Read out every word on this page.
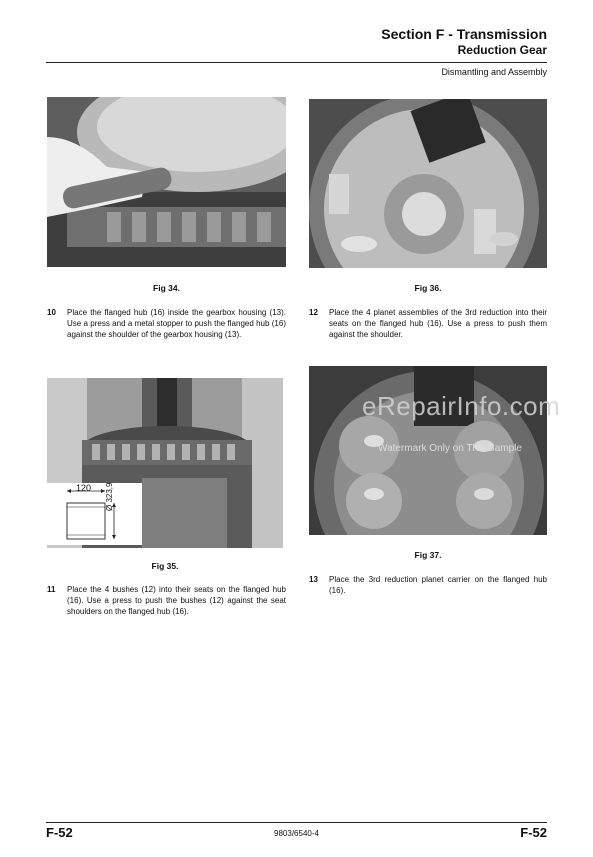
Section F - Transmission
Reduction Gear
Dismantling and Assembly
Fig 34.
10 Place the flanged hub (16) inside the gearbox housing (13). Use a press and a metal stopper to push the flanged hub (16) against the shoulder of the gearbox housing (13).
120 Ø 323,9
Fig 35.
11 Place the 4 bushes (12) into their seats on the flanged hub (16). Use a press to push the bushes (12) against the seat shoulders on the flanged hub (16).
Fig 36.
12 Place the 4 planet assemblies of the 3rd reduction into their seats on the flanged hub (16). Use a press to push them against the shoulder.
Fig 37.
13 Place the 3rd reduction planet carrier on the flanged hub (16).
eRepairInfo.com
Watermark Only on This Sample
F-52	9803/6540-4	F-52
